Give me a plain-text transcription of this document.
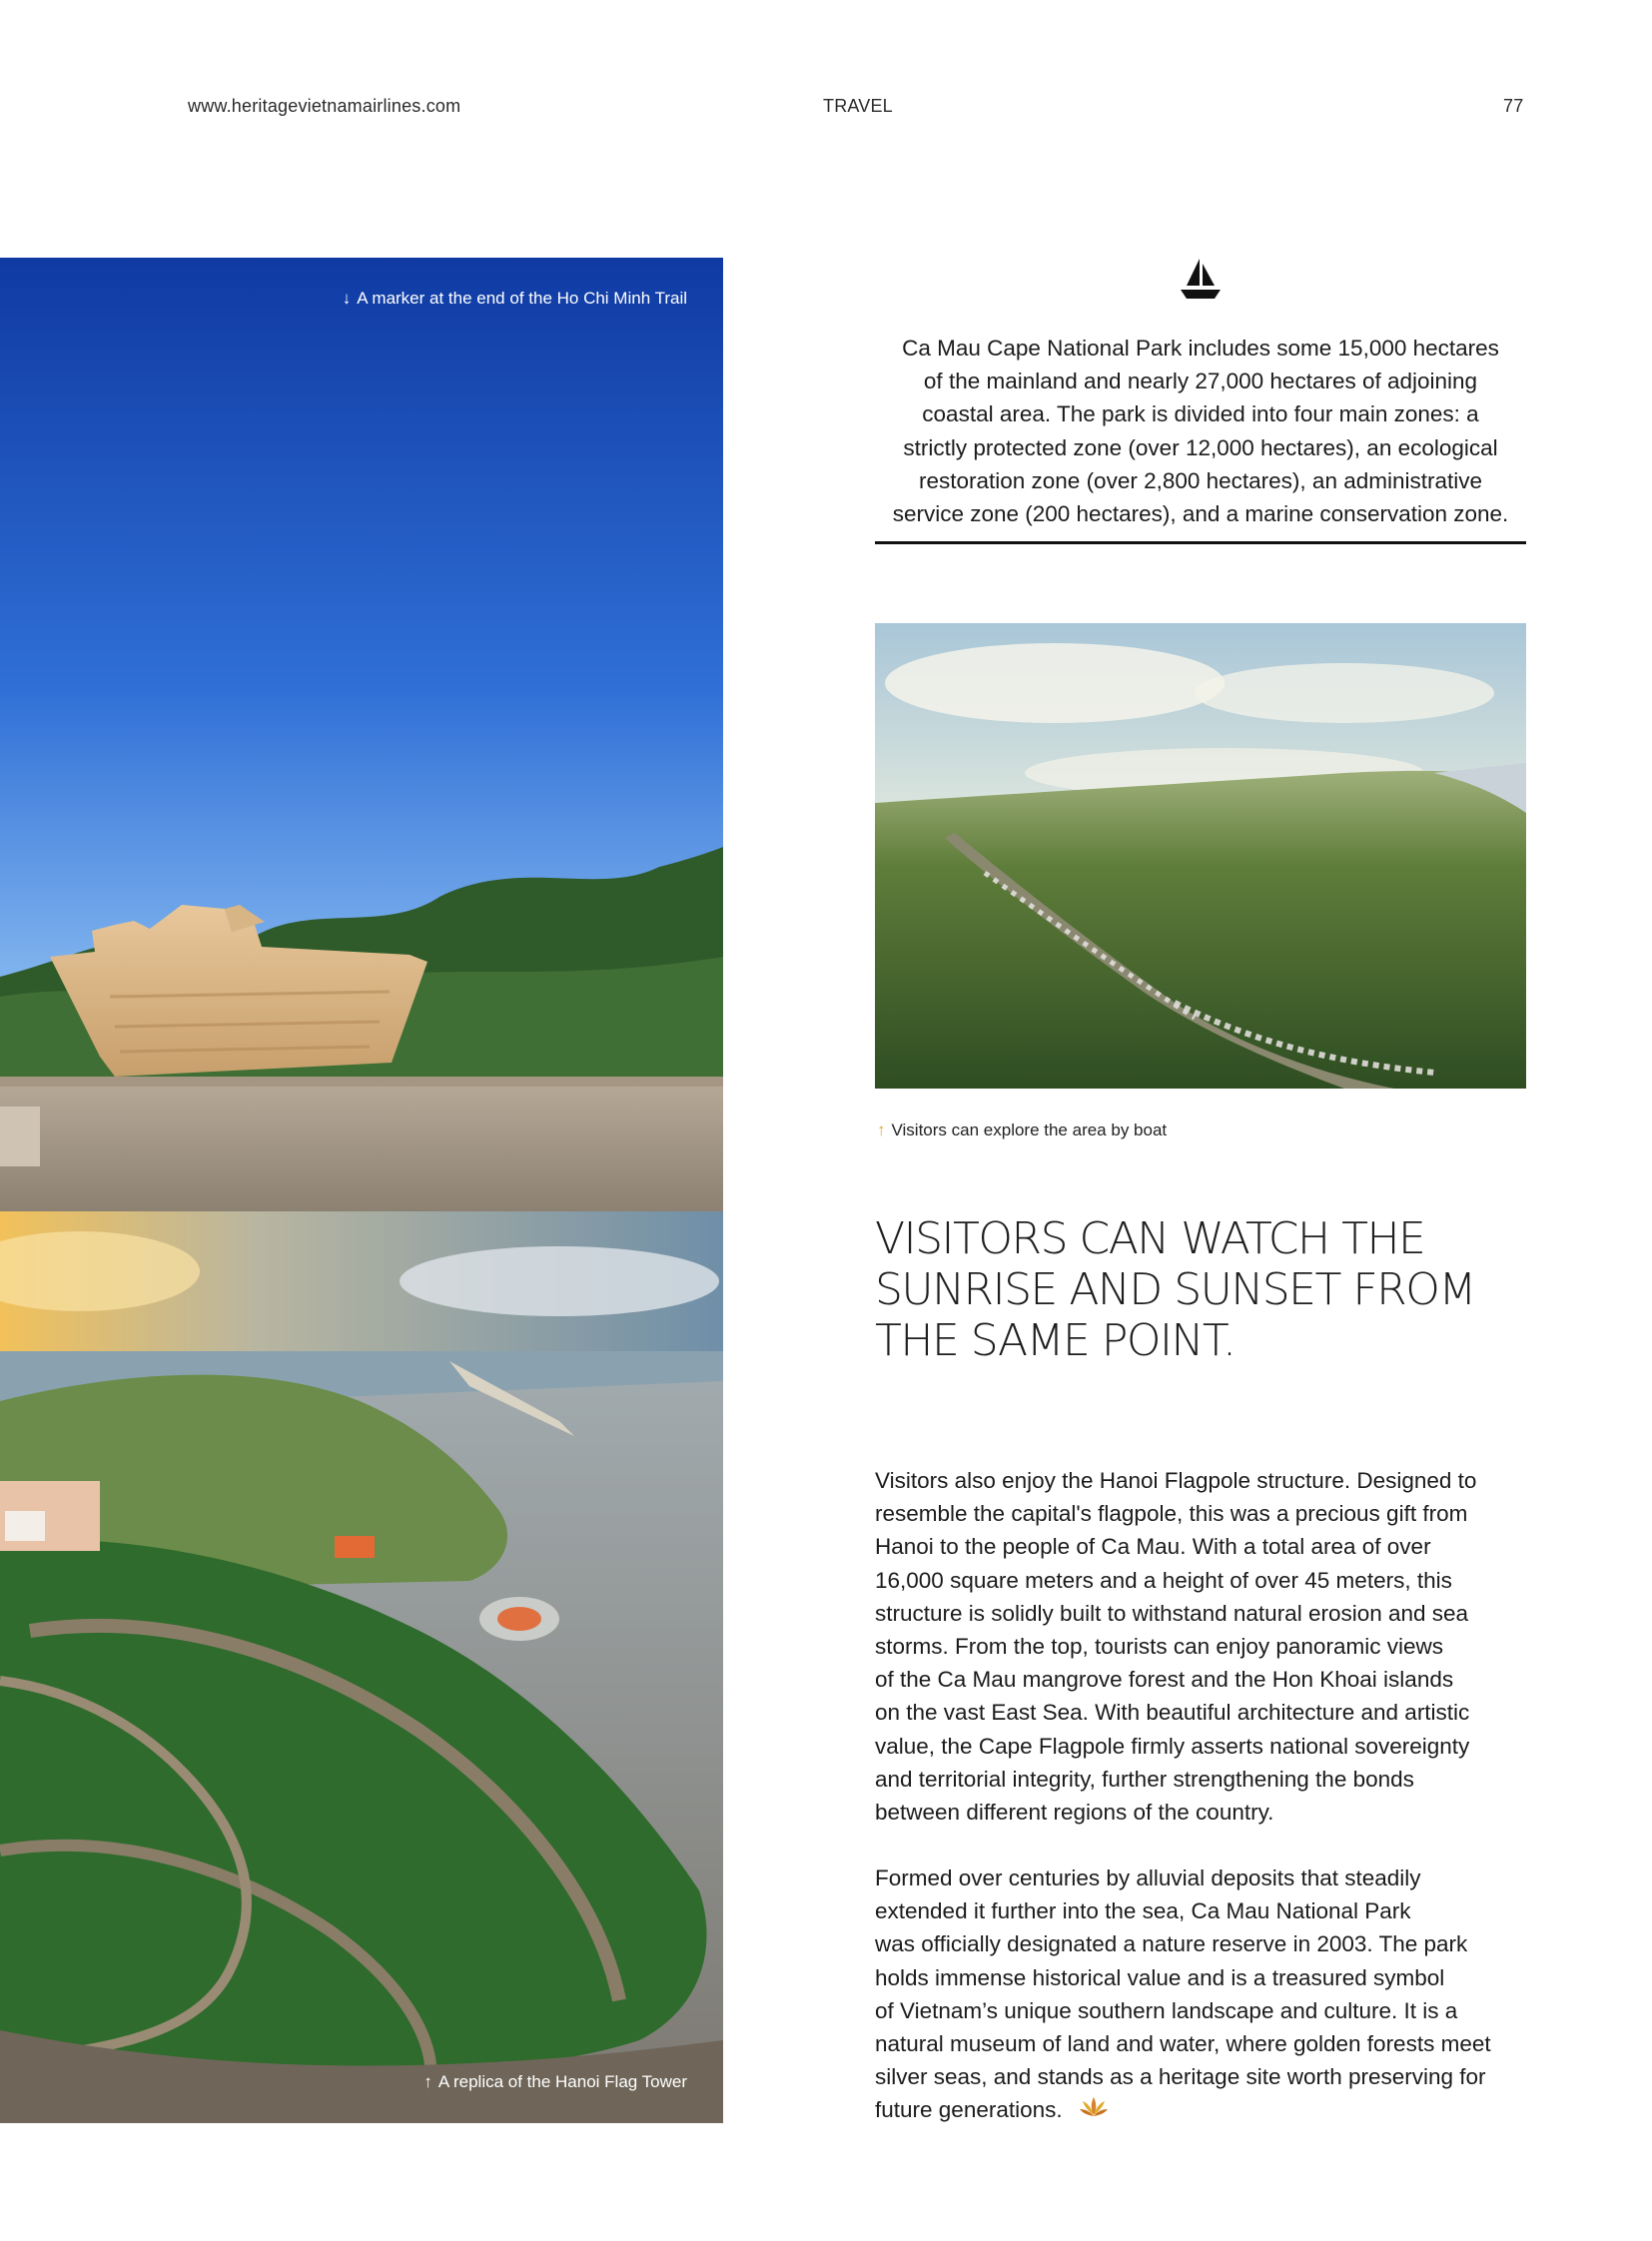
www.heritagevietnamairlines.com	TRAVEL	77
↓ A marker at the end of the Ho Chi Minh Trail
↑ A replica of the Hanoi Flag Tower
Ca Mau Cape National Park includes some 15,000 hectares
of the mainland and nearly 27,000 hectares of adjoining
coastal area. The park is divided into four main zones: a
strictly protected zone (over 12,000 hectares), an ecological
restoration zone (over 2,800 hectares), an administrative
service zone (200 hectares), and a marine conservation zone.
↑ Visitors can explore the area by boat
VISITORS CAN WATCH THE
SUNRISE AND SUNSET FROM
THE SAME POINT.
Visitors also enjoy the Hanoi Flagpole structure. Designed to
resemble the capital's flagpole, this was a precious gift from
Hanoi to the people of Ca Mau. With a total area of over
16,000 square meters and a height of over 45 meters, this
structure is solidly built to withstand natural erosion and sea
storms. From the top, tourists can enjoy panoramic views
of the Ca Mau mangrove forest and the Hon Khoai islands
on the vast East Sea. With beautiful architecture and artistic
value, the Cape Flagpole firmly asserts national sovereignty
and territorial integrity, further strengthening the bonds
between different regions of the country.
Formed over centuries by alluvial deposits that steadily
extended it further into the sea, Ca Mau National Park
was officially designated a nature reserve in 2003. The park
holds immense historical value and is a treasured symbol
of Vietnam’s unique southern landscape and culture. It is a
natural museum of land and water, where golden forests meet
silver seas, and stands as a heritage site worth preserving for
future generations.
